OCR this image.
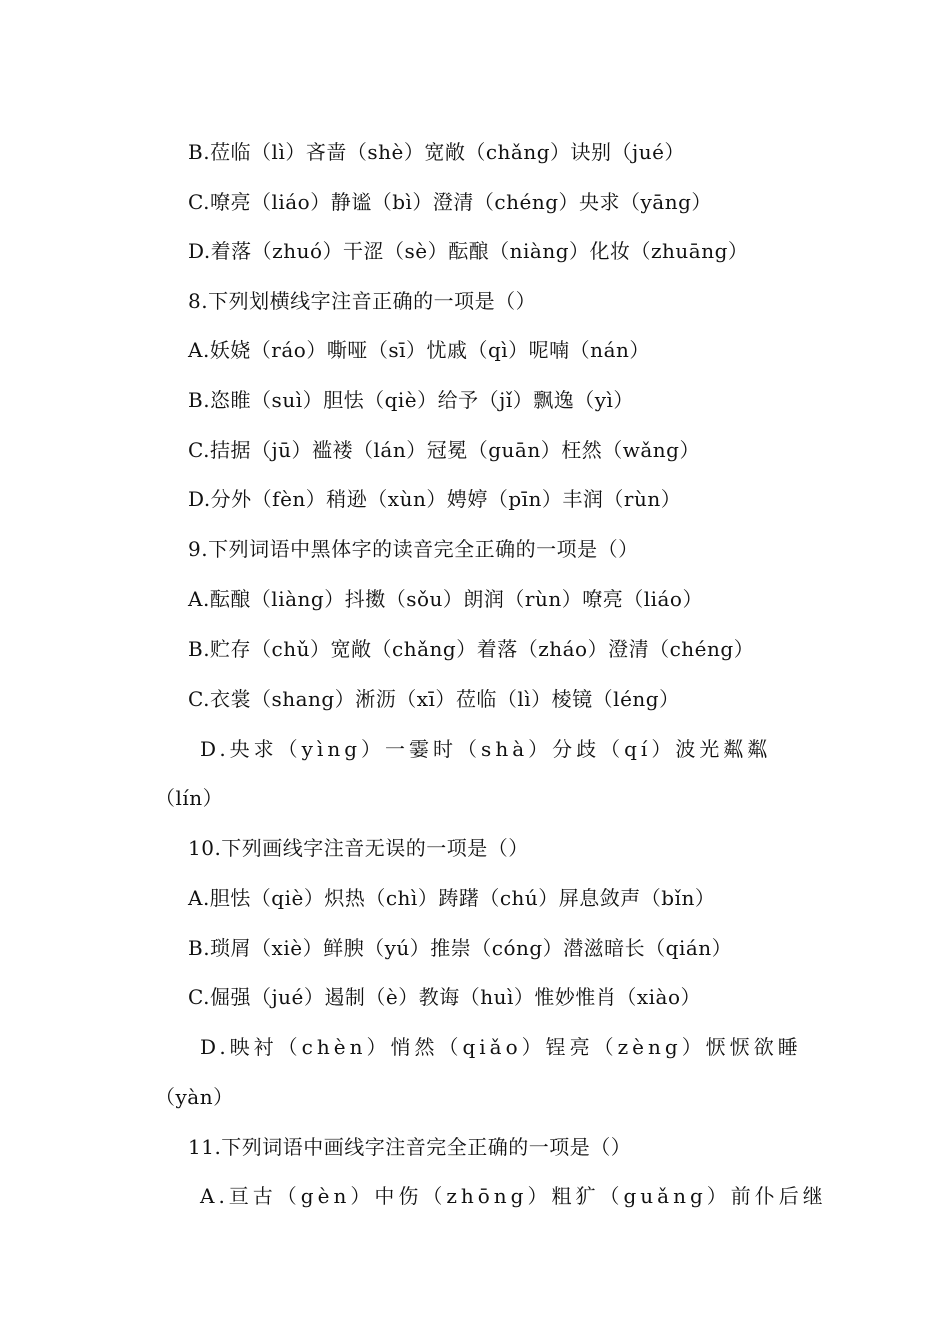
B.莅临（lì）吝啬（shè）宽敞（chǎng）诀别（jué）
C.嘹亮（liáo）静谧（bì）澄清（chéng）央求（yāng）
D.着落（zhuó）干涩（sè）酝酿（niàng）化妆（zhuāng）
8.下列划横线字注音正确的一项是（）
A.妖娆（ráo）嘶哑（sī）忧戚（qì）呢喃（nán）
B.恣睢（suì）胆怯（qiè）给予（jǐ）飘逸（yì）
C.拮据（jū）褴褛（lán）冠冕（guān）枉然（wǎng）
D.分外（fèn）稍逊（xùn）娉婷（pīn）丰润（rùn）
9.下列词语中黑体字的读音完全正确的一项是（）
A.酝酿（liàng）抖擞（sǒu）朗润（rùn）嘹亮（liáo）
B.贮存（chǔ）宽敞（chǎng）着落（zháo）澄清（chéng）
C.衣裳（shang）淅沥（xī）莅临（lì）棱镜（léng）
D.央求（yìng）一霎时（shà）分歧（qí）波光粼粼
（lín）
10.下列画线字注音无误的一项是（）
A.胆怯（qiè）炽热（chì）踌躇（chú）屏息敛声（bǐn）
B.琐屑（xiè）鲜腴（yú）推崇（cóng）潜滋暗长（qián）
C.倔强（jué）遏制（è）教诲（huì）惟妙惟肖（xiào）
D.映衬（chèn）悄然（qiǎo）锃亮（zèng）恹恹欲睡
（yàn）
11.下列词语中画线字注音完全正确的一项是（）
A.亘古（gèn）中伤（zhōng）粗犷（guǎng）前仆后继
